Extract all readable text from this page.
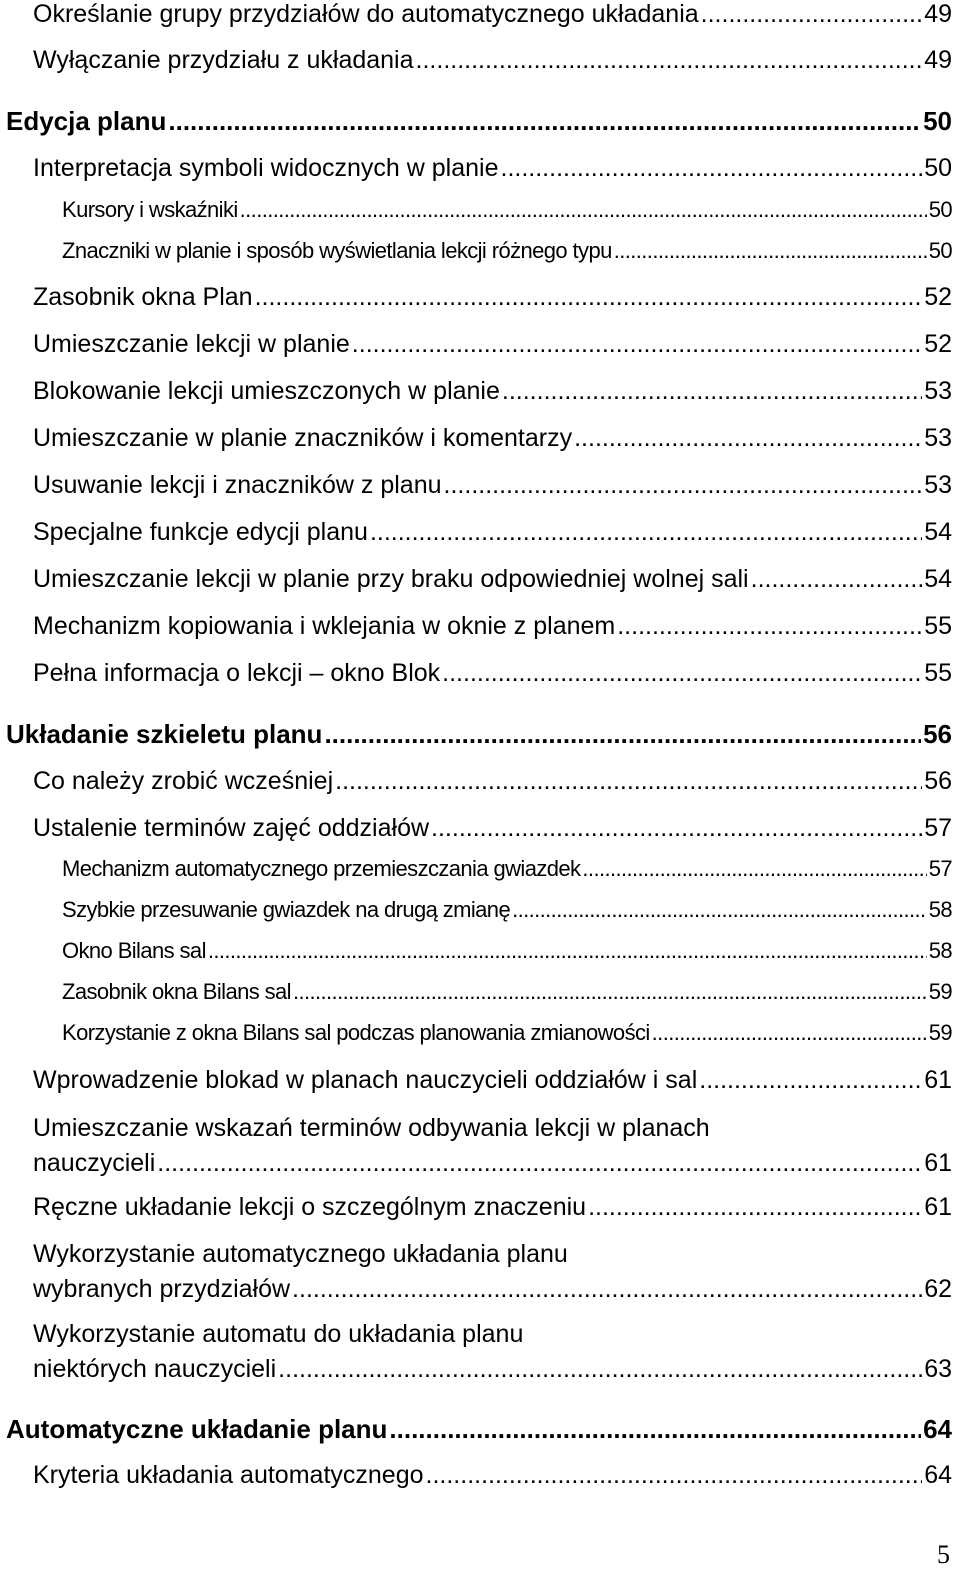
Określanie grupy przydziałów do automatycznego układania .....	49
Wyłączanie przydziału z układania .....	49
Edycja planu .....	50
Interpretacja symboli widocznych w planie .....	50
Kursory i wskaźniki .....	50
Znaczniki w planie i sposób wyświetlania lekcji różnego typu .....	50
Zasobnik okna Plan .....	52
Umieszczanie lekcji w planie .....	52
Blokowanie lekcji umieszczonych w planie .....	53
Umieszczanie w planie znaczników i komentarzy .....	53
Usuwanie lekcji i znaczników z planu .....	53
Specjalne funkcje edycji planu .....	54
Umieszczanie lekcji w planie przy braku odpowiedniej wolnej sali .....	54
Mechanizm kopiowania i wklejania w oknie z planem .....	55
Pełna informacja o lekcji – okno Blok .....	55
Układanie szkieletu planu .....	56
Co należy zrobić wcześniej .....	56
Ustalenie terminów zajęć oddziałów .....	57
Mechanizm automatycznego przemieszczania gwiazdek .....	57
Szybkie przesuwanie gwiazdek na drugą zmianę .....	58
Okno Bilans sal .....	58
Zasobnik okna Bilans sal .....	59
Korzystanie z okna Bilans sal podczas planowania zmianowości .....	59
Wprowadzenie blokad w planach nauczycieli oddziałów i sal .....	61
Umieszczanie wskazań terminów odbywania lekcji w planach
nauczycieli .....	61
Ręczne układanie lekcji o szczególnym znaczeniu .....	61
Wykorzystanie automatycznego układania planu
wybranych przydziałów .....	62
Wykorzystanie automatu do układania planu
niektórych nauczycieli .....	63
Automatyczne układanie planu .....	64
Kryteria układania automatycznego .....	64
5
